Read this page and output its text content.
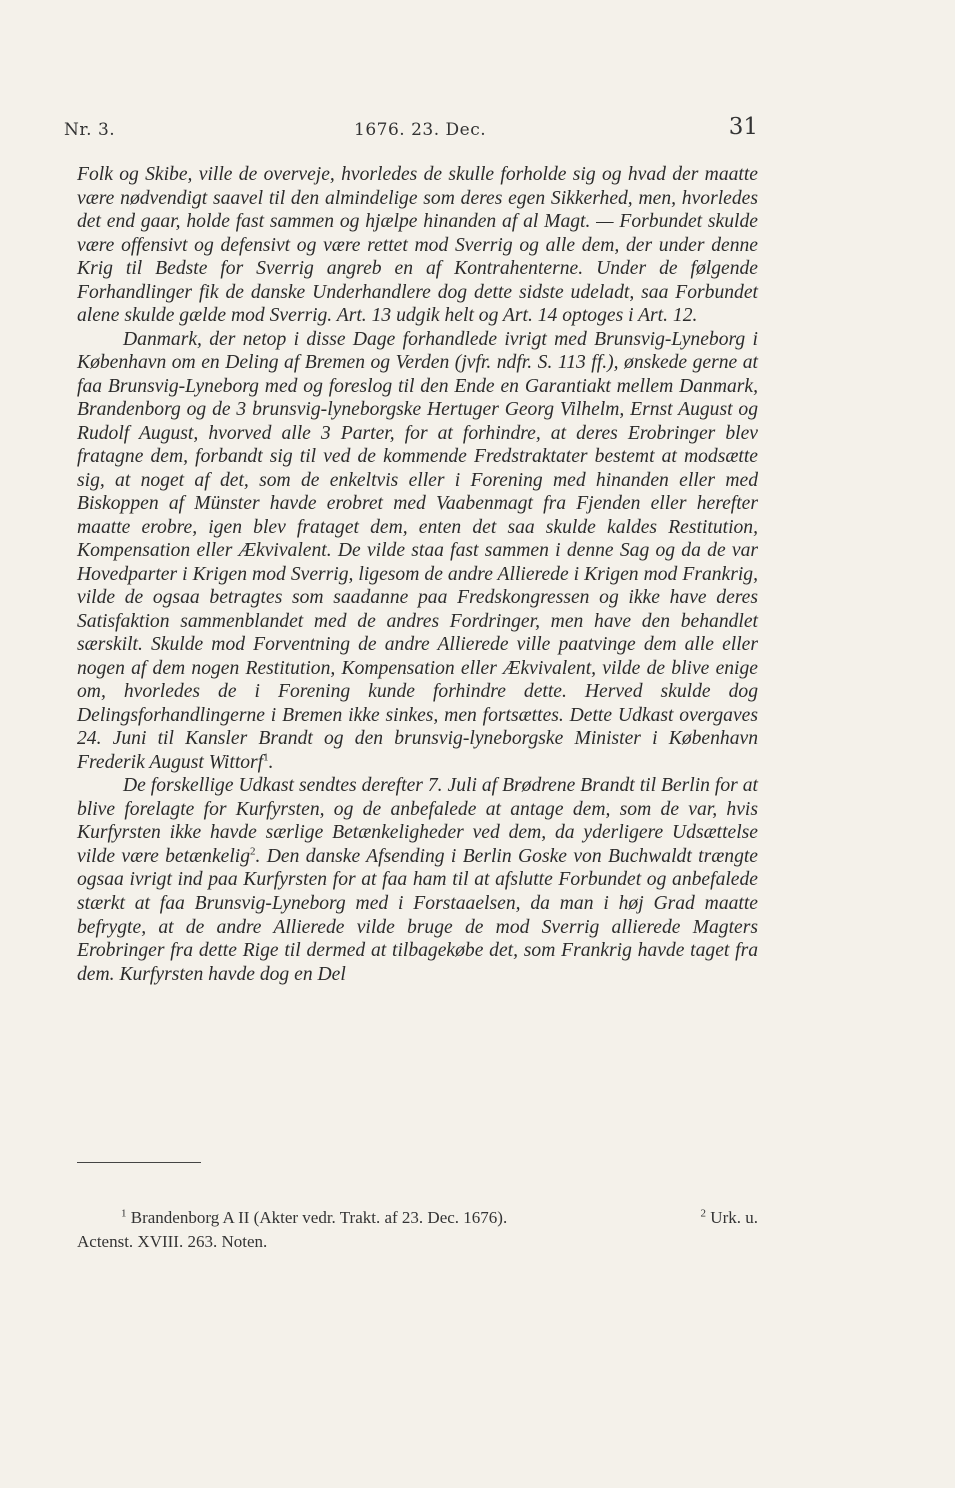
Nr. 3.	1676. 23. Dec.	31

Folk og Skibe, ville de overveje, hvorledes de skulle forholde sig og hvad der maatte være nødvendigt saavel til den almindelige som deres egen Sikkerhed, men, hvorledes det end gaar, holde fast sammen og hjælpe hinanden af al Magt. — Forbundet skulde være offensivt og defensivt og være rettet mod Sverrig og alle dem, der under denne Krig til Bedste for Sverrig angreb en af Kontrahenterne. Under de følgende Forhandlinger fik de danske Underhandlere dog dette sidste udeladt, saa Forbundet alene skulde gælde mod Sverrig. Art. 13 udgik helt og Art. 14 optoges i Art. 12.

Danmark, der netop i disse Dage forhandlede ivrigt med Brunsvig-Lyneborg i København om en Deling af Bremen og Verden (jvfr. ndfr. S. 113 ff.), ønskede gerne at faa Brunsvig-Lyneborg med og foreslog til den Ende en Garantiakt mellem Danmark, Brandenborg og de 3 brunsvig-lyneborgske Hertuger Georg Vilhelm, Ernst August og Rudolf August, hvorved alle 3 Parter, for at forhindre, at deres Erobringer blev fratagne dem, forbandt sig til ved de kommende Fredstraktater bestemt at modsætte sig, at noget af det, som de enkeltvis eller i Forening med hinanden eller med Biskoppen af Münster havde erobret med Vaabenmagt fra Fjenden eller herefter maatte erobre, igen blev frataget dem, enten det saa skulde kaldes Restitution, Kompensation eller Ækvivalent. De vilde staa fast sammen i denne Sag og da de var Hovedparter i Krigen mod Sverrig, ligesom de andre Allierede i Krigen mod Frankrig, vilde de ogsaa betragtes som saadanne paa Fredskongressen og ikke have deres Satisfaktion sammenblandet med de andres Fordringer, men have den behandlet særskilt. Skulde mod Forventning de andre Allierede ville paatvinge dem alle eller nogen af dem nogen Restitution, Kompensation eller Ækvivalent, vilde de blive enige om, hvorledes de i Forening kunde forhindre dette. Herved skulde dog Delingsforhandlingerne i Bremen ikke sinkes, men fortsættes. Dette Udkast overgaves 24. Juni til Kansler Brandt og den brunsvig-lyneborgske Minister i København Frederik August Wittorf$^1$.

De forskellige Udkast sendtes derefter 7. Juli af Brødrene Brandt til Berlin for at blive forelagte for Kurfyrsten, og de anbefalede at antage dem, som de var, hvis Kurfyrsten ikke havde særlige Betænkeligheder ved dem, da yderligere Udsættelse vilde være betænkelig$^2$. Den danske Afsending i Berlin Goske von Buchwaldt trængte ogsaa ivrigt ind paa Kurfyrsten for at faa ham til at afslutte Forbundet og anbefalede stærkt at faa Brunsvig-Lyneborg med i Forstaaelsen, da man i høj Grad maatte befrygte, at de andre Allierede vilde bruge de mod Sverrig allierede Magters Erobringer fra dette Rige til dermed at tilbagekøbe det, som Frankrig havde taget fra dem. Kurfyrsten havde dog en Del

$^1$ Brandenborg A II (Akter vedr. Trakt. af 23. Dec. 1676).	$^2$ Urk. u.
Actenst. XVIII. 263. Noten.
